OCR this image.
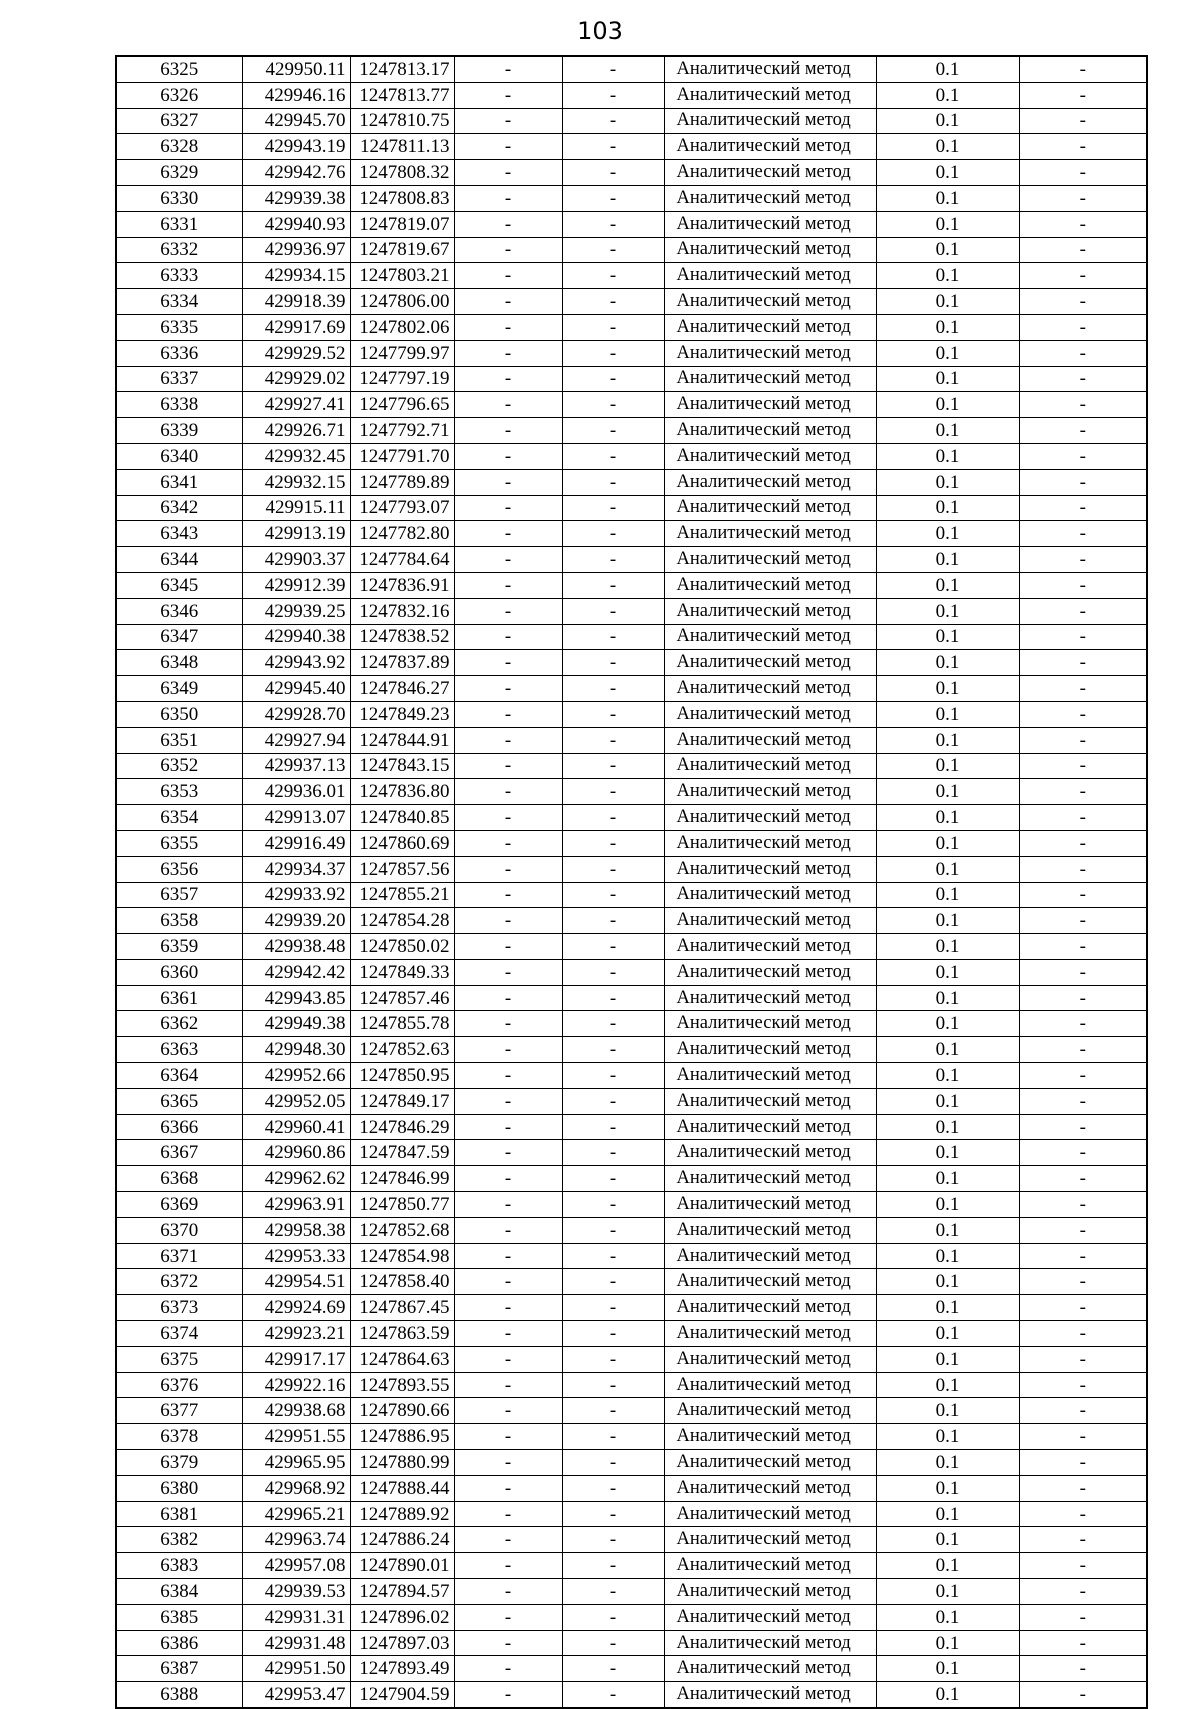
103
6325	429950.11	1247813.17	-	-	Аналитический метод	0.1	-
6326	429946.16	1247813.77	-	-	Аналитический метод	0.1	-
6327	429945.70	1247810.75	-	-	Аналитический метод	0.1	-
6328	429943.19	1247811.13	-	-	Аналитический метод	0.1	-
6329	429942.76	1247808.32	-	-	Аналитический метод	0.1	-
6330	429939.38	1247808.83	-	-	Аналитический метод	0.1	-
6331	429940.93	1247819.07	-	-	Аналитический метод	0.1	-
6332	429936.97	1247819.67	-	-	Аналитический метод	0.1	-
6333	429934.15	1247803.21	-	-	Аналитический метод	0.1	-
6334	429918.39	1247806.00	-	-	Аналитический метод	0.1	-
6335	429917.69	1247802.06	-	-	Аналитический метод	0.1	-
6336	429929.52	1247799.97	-	-	Аналитический метод	0.1	-
6337	429929.02	1247797.19	-	-	Аналитический метод	0.1	-
6338	429927.41	1247796.65	-	-	Аналитический метод	0.1	-
6339	429926.71	1247792.71	-	-	Аналитический метод	0.1	-
6340	429932.45	1247791.70	-	-	Аналитический метод	0.1	-
6341	429932.15	1247789.89	-	-	Аналитический метод	0.1	-
6342	429915.11	1247793.07	-	-	Аналитический метод	0.1	-
6343	429913.19	1247782.80	-	-	Аналитический метод	0.1	-
6344	429903.37	1247784.64	-	-	Аналитический метод	0.1	-
6345	429912.39	1247836.91	-	-	Аналитический метод	0.1	-
6346	429939.25	1247832.16	-	-	Аналитический метод	0.1	-
6347	429940.38	1247838.52	-	-	Аналитический метод	0.1	-
6348	429943.92	1247837.89	-	-	Аналитический метод	0.1	-
6349	429945.40	1247846.27	-	-	Аналитический метод	0.1	-
6350	429928.70	1247849.23	-	-	Аналитический метод	0.1	-
6351	429927.94	1247844.91	-	-	Аналитический метод	0.1	-
6352	429937.13	1247843.15	-	-	Аналитический метод	0.1	-
6353	429936.01	1247836.80	-	-	Аналитический метод	0.1	-
6354	429913.07	1247840.85	-	-	Аналитический метод	0.1	-
6355	429916.49	1247860.69	-	-	Аналитический метод	0.1	-
6356	429934.37	1247857.56	-	-	Аналитический метод	0.1	-
6357	429933.92	1247855.21	-	-	Аналитический метод	0.1	-
6358	429939.20	1247854.28	-	-	Аналитический метод	0.1	-
6359	429938.48	1247850.02	-	-	Аналитический метод	0.1	-
6360	429942.42	1247849.33	-	-	Аналитический метод	0.1	-
6361	429943.85	1247857.46	-	-	Аналитический метод	0.1	-
6362	429949.38	1247855.78	-	-	Аналитический метод	0.1	-
6363	429948.30	1247852.63	-	-	Аналитический метод	0.1	-
6364	429952.66	1247850.95	-	-	Аналитический метод	0.1	-
6365	429952.05	1247849.17	-	-	Аналитический метод	0.1	-
6366	429960.41	1247846.29	-	-	Аналитический метод	0.1	-
6367	429960.86	1247847.59	-	-	Аналитический метод	0.1	-
6368	429962.62	1247846.99	-	-	Аналитический метод	0.1	-
6369	429963.91	1247850.77	-	-	Аналитический метод	0.1	-
6370	429958.38	1247852.68	-	-	Аналитический метод	0.1	-
6371	429953.33	1247854.98	-	-	Аналитический метод	0.1	-
6372	429954.51	1247858.40	-	-	Аналитический метод	0.1	-
6373	429924.69	1247867.45	-	-	Аналитический метод	0.1	-
6374	429923.21	1247863.59	-	-	Аналитический метод	0.1	-
6375	429917.17	1247864.63	-	-	Аналитический метод	0.1	-
6376	429922.16	1247893.55	-	-	Аналитический метод	0.1	-
6377	429938.68	1247890.66	-	-	Аналитический метод	0.1	-
6378	429951.55	1247886.95	-	-	Аналитический метод	0.1	-
6379	429965.95	1247880.99	-	-	Аналитический метод	0.1	-
6380	429968.92	1247888.44	-	-	Аналитический метод	0.1	-
6381	429965.21	1247889.92	-	-	Аналитический метод	0.1	-
6382	429963.74	1247886.24	-	-	Аналитический метод	0.1	-
6383	429957.08	1247890.01	-	-	Аналитический метод	0.1	-
6384	429939.53	1247894.57	-	-	Аналитический метод	0.1	-
6385	429931.31	1247896.02	-	-	Аналитический метод	0.1	-
6386	429931.48	1247897.03	-	-	Аналитический метод	0.1	-
6387	429951.50	1247893.49	-	-	Аналитический метод	0.1	-
6388	429953.47	1247904.59	-	-	Аналитический метод	0.1	-
